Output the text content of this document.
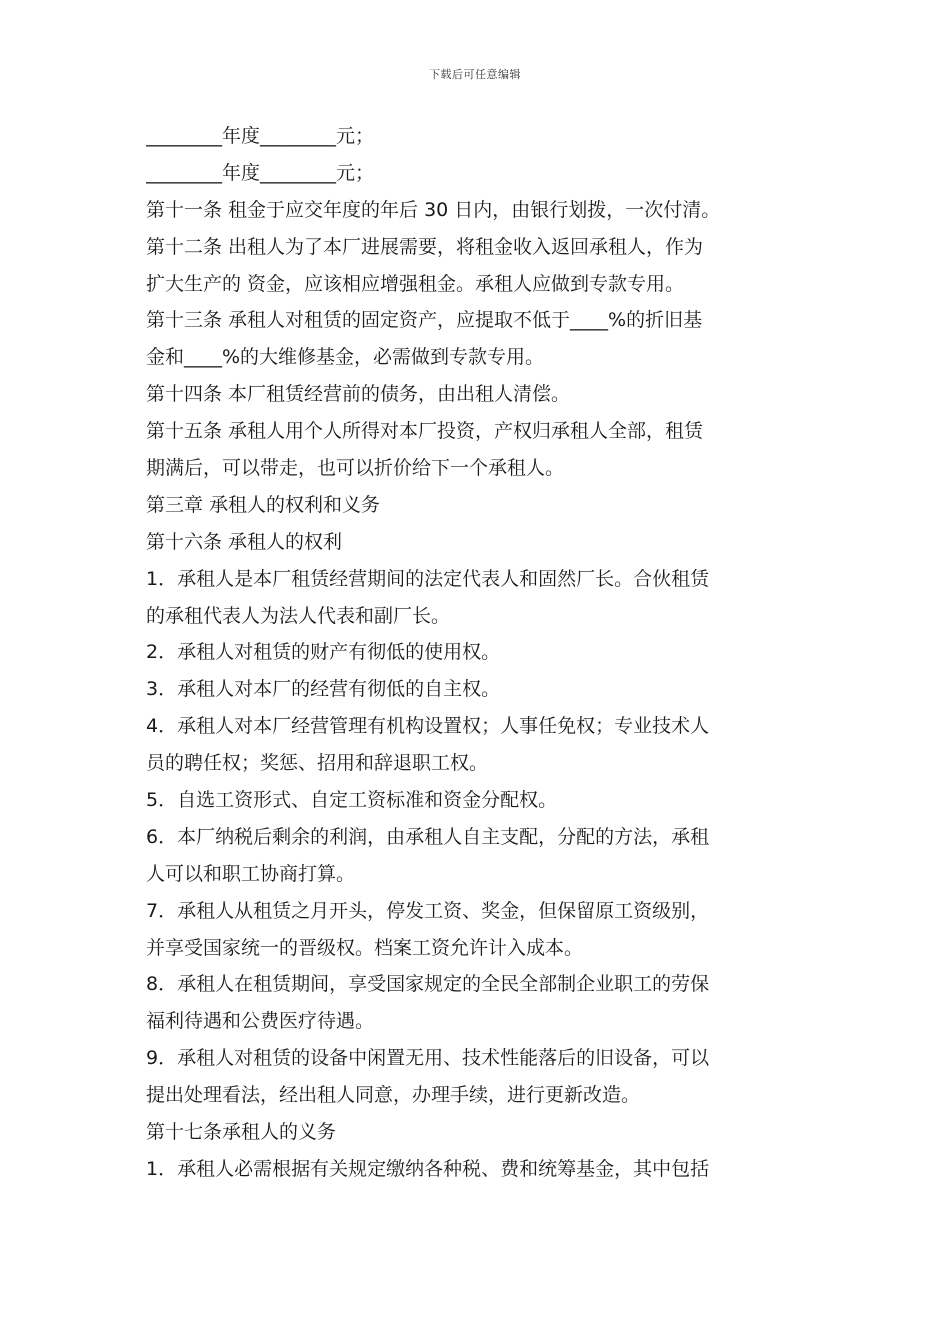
下载后可任意编辑
________年度________元；
________年度________元；
第十一条 租金于应交年度的年后 30 日内，由银行划拨，一次付清。
第十二条 出租人为了本厂进展需要，将租金收入返回承租人，作为
扩大生产的 资金，应该相应增强租金。承租人应做到专款专用。
第十三条 承租人对租赁的固定资产，应提取不低于____%的折旧基
金和____%的大维修基金，必需做到专款专用。
第十四条 本厂租赁经营前的债务，由出租人清偿。
第十五条 承租人用个人所得对本厂投资，产权归承租人全部，租赁
期满后，可以带走，也可以折价给下一个承租人。
第三章 承租人的权利和义务
第十六条 承租人的权利
1．承租人是本厂租赁经营期间的法定代表人和固然厂长。合伙租赁
的承租代表人为法人代表和副厂长。
2．承租人对租赁的财产有彻低的使用权。
3．承租人对本厂的经营有彻低的自主权。
4．承租人对本厂经营管理有机构设置权；人事任免权；专业技术人
员的聘任权；奖惩、招用和辞退职工权。
5．自选工资形式、自定工资标准和资金分配权。
6．本厂纳税后剩余的利润，由承租人自主支配，分配的方法，承租
人可以和职工协商打算。
7．承租人从租赁之月开头，停发工资、奖金，但保留原工资级别，
并享受国家统一的晋级权。档案工资允许计入成本。
8．承租人在租赁期间，享受国家规定的全民全部制企业职工的劳保
福利待遇和公费医疗待遇。
9．承租人对租赁的设备中闲置无用、技术性能落后的旧设备，可以
提出处理看法，经出租人同意，办理手续，进行更新改造。
第十七条承租人的义务
1．承租人必需根据有关规定缴纳各种税、费和统筹基金，其中包括
